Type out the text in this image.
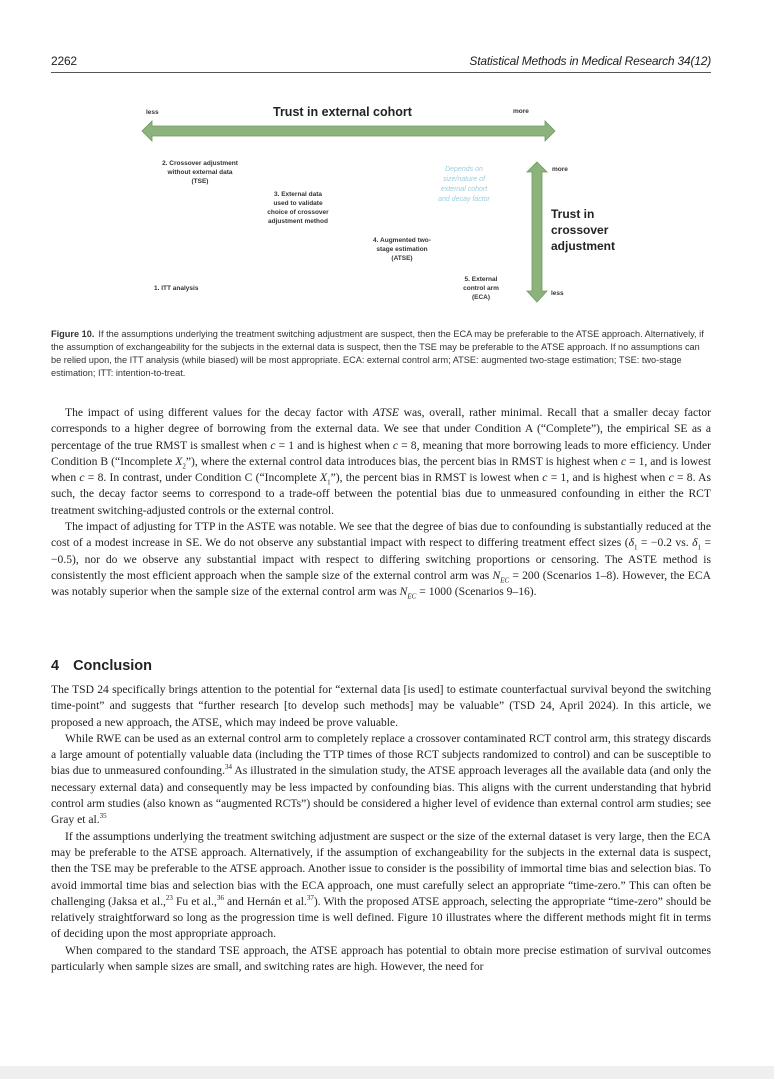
2262	Statistical Methods in Medical Research 34(12)
less	Trust in external cohort	more
more
Trust in
crossover
adjustment
less
2. Crossover adjustment
without external data
(TSE)
3. External data
used to validate
choice of crossover
adjustment method
4. Augmented two-
stage estimation
(ATSE)
1. ITT analysis
5. External
control arm
(ECA)
Depends on
size/nature of
external cohort
and decay factor
Figure 10. If the assumptions underlying the treatment switching adjustment are suspect, then the ECA may be preferable to the ATSE approach. Alternatively, if the assumption of exchangeability for the subjects in the external data is suspect, then the TSE may be preferable to the ATSE approach. If no assumptions can be relied upon, the ITT analysis (while biased) will be most appropriate. ECA: external control arm; ATSE: augmented two-stage estimation; TSE: two-stage estimation; ITT: intention-to-treat.

The impact of using different values for the decay factor with ATSE was, overall, rather minimal. Recall that a smaller decay factor corresponds to a higher degree of borrowing from the external data. We see that under Condition A (“Complete”), the empirical SE as a percentage of the true RMST is smallest when c = 1 and is highest when c = 8, meaning that more borrowing leads to more efficiency. Under Condition B (“Incomplete $X_2$”), where the external control data introduces bias, the percent bias in RMST is highest when c = 1, and is lowest when c = 8. In contrast, under Condition C (“Incomplete $X_1$”), the percent bias in RMST is lowest when c = 1, and is highest when c = 8. As such, the decay factor seems to correspond to a trade-off between the potential bias due to unmeasured confounding in either the RCT treatment switching-adjusted controls or the external control.

The impact of adjusting for TTP in the ASTE was notable. We see that the degree of bias due to confounding is substantially reduced at the cost of a modest increase in SE. We do not observe any substantial impact with respect to differing treatment effect sizes ($\delta_1 = -0.2$ vs. $\delta_1 = -0.5$), nor do we observe any substantial impact with respect to differing switching proportions or censoring. The ASTE method is consistently the most efficient approach when the sample size of the external control arm was $N_{EC} = 200$ (Scenarios 1–8). However, the ECA was notably superior when the sample size of the external control arm was $N_{EC} = 1000$ (Scenarios 9–16).

4 Conclusion

The TSD 24 specifically brings attention to the potential for “external data [is used] to estimate counterfactual survival beyond the switching time-point” and suggests that “further research [to develop such methods] may be valuable” (TSD 24, April 2024). In this article, we proposed a new approach, the ATSE, which may indeed be prove valuable.

While RWE can be used as an external control arm to completely replace a crossover contaminated RCT control arm, this strategy discards a large amount of potentially valuable data (including the TTP times of those RCT subjects randomized to control) and can be susceptible to bias due to unmeasured confounding.$^{34}$ As illustrated in the simulation study, the ATSE approach leverages all the available data (and only the necessary external data) and consequently may be less impacted by confounding bias. This aligns with the current understanding that hybrid control arm studies (also known as “augmented RCTs”) should be considered a higher level of evidence than external control arm studies; see Gray et al.$^{35}$

If the assumptions underlying the treatment switching adjustment are suspect or the size of the external dataset is very large, then the ECA may be preferable to the ATSE approach. Alternatively, if the assumption of exchangeability for the subjects in the external data is suspect, then the TSE may be preferable to the ATSE approach. Another issue to consider is the possibility of immortal time bias and selection bias. To avoid immortal time bias and selection bias with the ECA approach, one must carefully select an appropriate “time-zero.” This can often be challenging (Jaksa et al.,$^{23}$ Fu et al.,$^{36}$ and Hernán et al.$^{37}$). With the proposed ATSE approach, selecting the appropriate “time-zero” should be relatively straightforward so long as the progression time is well defined. Figure 10 illustrates where the different methods might fit in terms of deciding upon the most appropriate approach.

When compared to the standard TSE approach, the ATSE approach has potential to obtain more precise estimation of survival outcomes particularly when sample sizes are small, and switching rates are high. However, the need for
